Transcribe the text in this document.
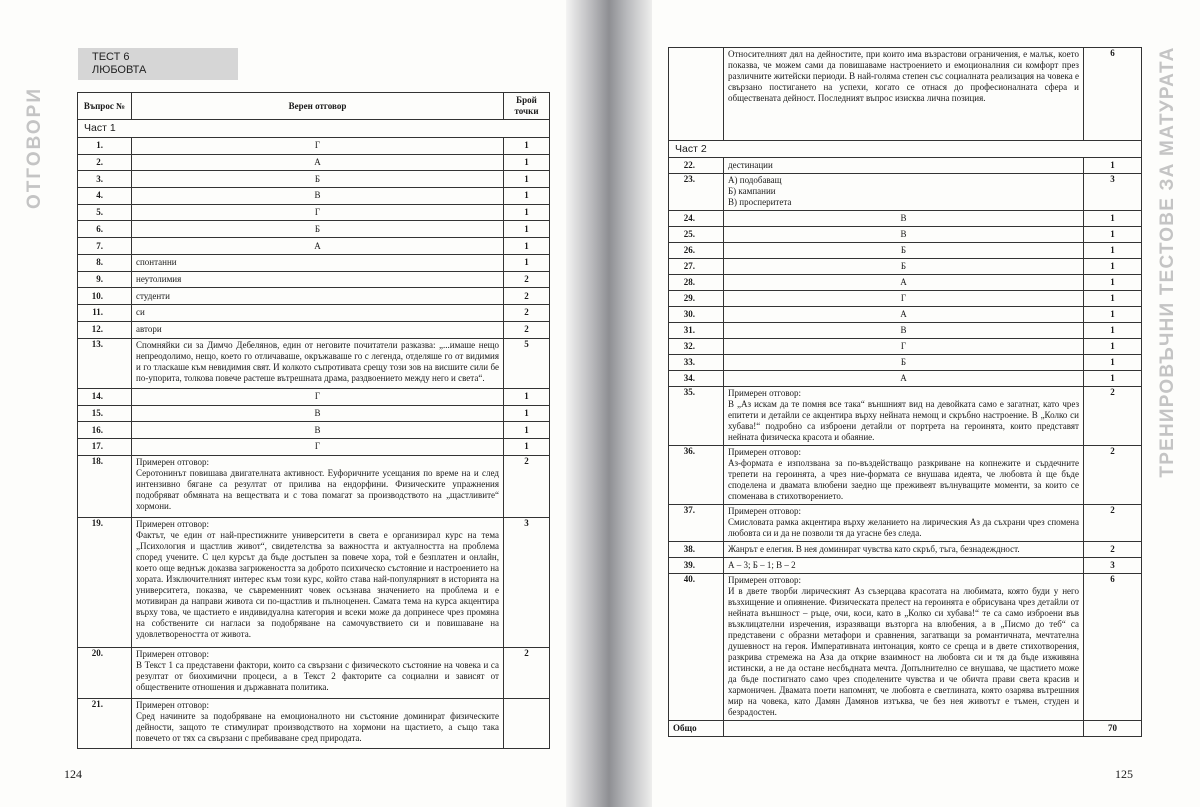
ОТГОВОРИ	ТРЕНИРОВЪЧНИ ТЕСТОВЕ ЗА МАТУРАТА
ТЕСТ 6
ЛЮБОВТА
Въпрос №	Верен отговор	Брой точки
Част 1		
1.	Г	1
2.	А	1
3.	Б	1
4.	В	1
5.	Г	1
6.	Б	1
7.	А	1
8.	спонтанни	1
9.	неутолимия	2
10.	студенти	2
11.	си	2
12.	автори	2
13.	Спомняйки си за Димчо Дебелянов, един от неговите почитатели разказва: „...имаше нещо непреодолимо, нещо, което го отличаваше, окръжаваше го с легенда, отделяше го от видимия и го тласкаше към невидимия свят. И колкото съпротивата срещу този зов на висшите сили бе по-упорита, толкова повече растеше вътрешната драма, раздвоението между него и света“.	5
14.	Г	1
15.	В	1
16.	В	1
17.	Г	1
18.	Примерен отговор:

Серотонинът повишава двигателната активност. Еуфоричните усещания по време на и след интензивно бягане са резултат от прилива на ендорфини. Физическите упражнения подобряват обмяната на веществата и с това помагат за производството на „щастливите“ хормони.	2
19.	Примерен отговор:

Фактът, че един от най-престижните университети в света е организирал курс на тема „Психология и щастлив живот“, свидетелства за важността и актуалността на проблема според учените. С цел курсът да бъде достъпен за повече хора, той е безплатен и онлайн, което още веднъж доказва загрижеността за доброто психическо състояние и настроението на хората. Изключителният интерес към този курс, който става най-популярният в историята на университета, показва, че съвременният човек осъзнава значението на проблема и е мотивиран да направи живота си по-щастлив и пълноценен. Самата тема на курса акцентира върху това, че щастието е индивидуална категория и всеки може да допринесе чрез промяна на собствените си нагласи за подобряване на самочувствието си и повишаване на удовлетвореността от живота.	3
20.	Примерен отговор:

В Текст 1 са представени фактори, които са свързани с физическото състояние на човека и са резултат от биохимични процеси, а в Текст 2 факторите са социални и зависят от обществените отношения и държавната политика.	2
21.	Примерен отговор:

Сред начините за подобряване на емоционалното ни състояние доминират физическите дейности, защото те стимулират производството на хормони на щастието, а също така повечето от тях са свързани с пребиваване сред природата.	

	Относителният дял на дейностите, при които има възрастови ограничения, е малък, което показва, че можем сами да повишаваме настроението и емоционалния си комфорт през различните житейски периоди. В най-голяма степен със социалната реализация на човека е свързано постигането на успехи, когато се отнася до професионалната сфера и обществената дейност. Последният въпрос изисква лична позиция.	6
Част 2		
22.	дестинации	1
23.	А) подобаващ
Б) кампании
В) просперитета	3
24.	В	1
25.	В	1
26.	Б	1
27.	Б	1
28.	А	1
29.	Г	1
30.	А	1
31.	В	1
32.	Г	1
33.	Б	1
34.	А	1
35.	Примерен отговор:

В „Аз искам да те помня все така“ външният вид на девойката само е загатнат, като чрез епитети и детайли се акцентира върху нейната немощ и скръбно настроение. В „Колко си хубава!“ подробно са изброени детайли от портрета на героинята, които представят нейната физическа красота и обаяние.	2
36.	Примерен отговор:

Аз-формата е използвана за по-въздействащо разкриване на копнежите и сърдечните трепети на героинята, а чрез ние-формата се внушава идеята, че любовта ѝ ще бъде споделена и двамата влюбени заедно ще преживеят вълнуващите моменти, за които се споменава в стихотворението.	2
37.	Примерен отговор:

Смисловата рамка акцентира върху желанието на лирическия Аз да съхрани чрез спомена любовта си и да не позволи тя да угасне без следа.	2
38.	Жанрът е елегия. В нея доминират чувства като скръб, тъга, безнадеждност.	2
39.	А – 3; Б – 1; В – 2	3
40.	Примерен отговор:

И в двете творби лирическият Аз съзерцава красотата на любимата, която буди у него възхищение и опиянение. Физическата прелест на героинята е обрисувана чрез детайли от нейната външност – ръце, очи, коси, като в „Колко си хубава!“ те са само изброени във възклицателни изречения, изразяващи възторга на влюбения, а в „Писмо до теб“ са представени с образни метафори и сравнения, загатващи за романтичната, мечтателна душевност на героя. Императивната интонация, която се среща и в двете стихотворения, разкрива стремежа на Аза да открие взаимност на любовта си и тя да бъде изживяна истински, а не да остане несбъдната мечта. Допълнително се внушава, че щастието може да бъде постигнато само чрез споделените чувства и че обичта прави света красив и хармоничен. Двамата поети напомнят, че любовта е светлината, която озарява вътрешния мир на човека, като Дамян Дамянов изтъква, че без нея животът е тъмен, студен и безрадостен.	6
Общо		70
124	125
